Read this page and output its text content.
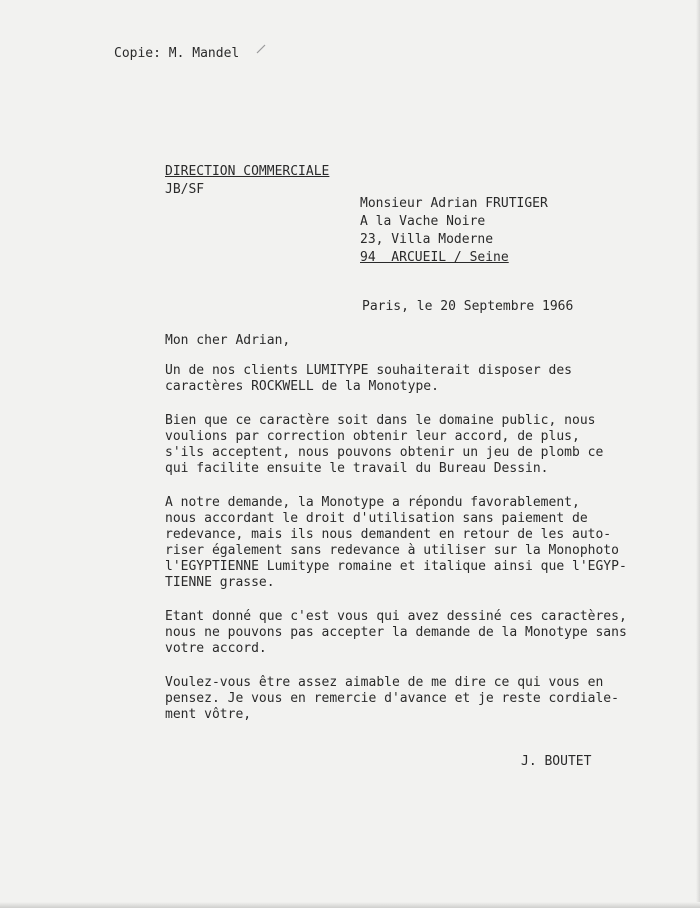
Copie: M. Mandel
DIRECTION COMMERCIALE
JB/SF
Monsieur Adrian FRUTIGER
A la Vache Noire
23, Villa Moderne
94  ARCUEIL / Seine
Paris, le 20 Septembre 1966
Mon cher Adrian,
Un de nos clients LUMITYPE souhaiterait disposer des
caractères ROCKWELL de la Monotype.
Bien que ce caractère soit dans le domaine public, nous
voulions par correction obtenir leur accord, de plus,
s'ils acceptent, nous pouvons obtenir un jeu de plomb ce
qui facilite ensuite le travail du Bureau Dessin.
A notre demande, la Monotype a répondu favorablement,
nous accordant le droit d'utilisation sans paiement de
redevance, mais ils nous demandent en retour de les auto-
riser également sans redevance à utiliser sur la Monophoto
l'EGYPTIENNE Lumitype romaine et italique ainsi que l'EGYP-
TIENNE grasse.
Etant donné que c'est vous qui avez dessiné ces caractères,
nous ne pouvons pas accepter la demande de la Monotype sans
votre accord.
Voulez-vous être assez aimable de me dire ce qui vous en
pensez. Je vous en remercie d'avance et je reste cordiale-
ment vôtre,
J. BOUTET
